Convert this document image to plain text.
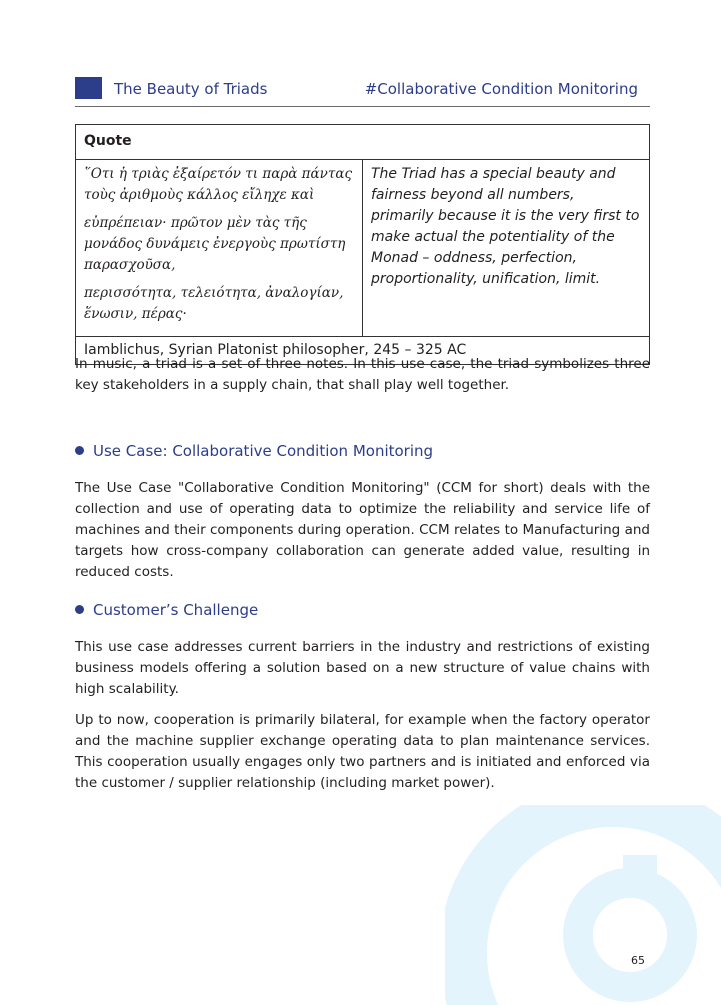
The Beauty of Triads	#Collaborative Condition Monitoring
Quote

῞Οτι ἡ τριὰς ἐξαίρετόν τι παρὰ πάντας τοὺς ἀριθμοὺς κάλλος εἴληχε καὶ

εὐπρέπειαν· πρῶτον μὲν τὰς τῆς μονάδος δυνάμεις ἐνεργοὺς πρωτίστη παρασχοῦσα,

περισσότητα, τελειότητα, ἀναλογίαν, ἕνωσιν, πέρας·

	The Triad has a special beauty and fairness beyond all numbers, primarily because it is the very first to make actual the potentiality of the Monad – oddness, perfection, proportionality, unification, limit.
Iamblichus, Syrian Platonist philosopher, 245 – 325 AC

In music, a triad is a set of three notes. In this use case, the triad symbolizes three key stakeholders in a supply chain, that shall play well together.

Use Case: Collaborative Condition Monitoring

The Use Case "Collaborative Condition Monitoring" (CCM for short) deals with the collection and use of operating data to optimize the reliability and service life of machines and their components during operation. CCM relates to Manufacturing and targets how cross-company collaboration can generate added value, resulting in reduced costs.

Customer’s Challenge

This use case addresses current barriers in the industry and restrictions of existing business models offering a solution based on a new structure of value chains with high scalability.

Up to now, cooperation is primarily bilateral, for example when the factory operator and the machine supplier exchange operating data to plan maintenance services. This cooperation usually engages only two partners and is initiated and enforced via the customer / supplier relationship (including market power).

65
